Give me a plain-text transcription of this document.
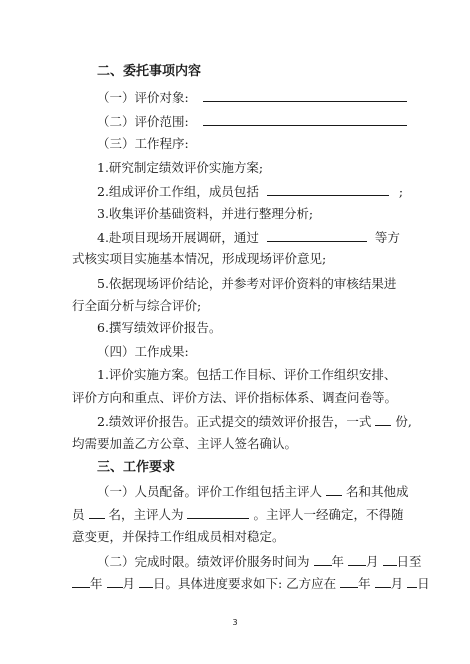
二、委托事项内容
（一）评价对象:
（二）评价范围:
（三）工作程序:
1.研究制定绩效评价实施方案;
2.组成评价工作组，成员包括	;
3.收集评价基础资料，并进行整理分析;
4.赴项目现场开展调研，通过	等方
式核实项目实施基本情况，形成现场评价意见;
5.依据现场评价结论，并参考对评价资料的审核结果进
行全面分析与综合评价;
6.撰写绩效评价报告。
（四）工作成果:
1.评价实施方案。包括工作目标、评价工作组织安排、
评价方向和重点、评价方法、评价指标体系、调查问卷等。
2.绩效评价报告。正式提交的绩效评价报告，一式 份,
均需要加盖乙方公章、主评人签名确认。
三、工作要求
（一）人员配备。评价工作组包括主评人 名和其他成
员 名，主评人为	。主评人一经确定，不得随
意变更，并保持工作组成员相对稳定。
（二）完成时限。绩效评价服务时间为 年 月 日至
年 月 日。具体进度要求如下: 乙方应在 年 月 日
3
